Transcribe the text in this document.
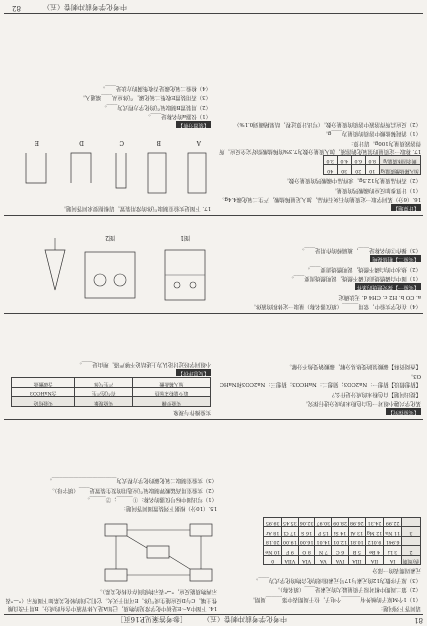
81
中考化学考前冲刺卷（五）
［参考答案见P.16页］
中考化学考前冲刺卷（五）
82

请回答下列问题：

（1）1个M原子的核外有_______个电子，位于周期表中第______周期。

（2）第二周期中相对原子质量最大的元素是____（填名称）。

（3）原子序数为12的元素与17号元素组成的化合物的化学式为____。

元素周期表的一部分

族/周期	IA	IIA	IIIA	IVA	VA	VIA	VIIA	0
2	3 Li	4 Be	5 B	6 C	7 N	8 O	9 F	10 Ne
	6.941	9.012	10.81	12.01	14.01	16.00	19.00	20.18
3	11 Na	12 Mg	13 Al	14 Si	15 P	16 S	17 Cl	18 Ar
	22.99	24.31	26.98	28.09	30.97	32.06	35.45	39.95

14. 下图中A～E是初中化学常见的物质，已知A是人体胃液中含有的成分，B用于改良酸性土壤，C与D反应能生成气体，E可用于灭火。它们之间的转化关系如下图所示（"—"表示两物质能反应，"→"表示物质间存在转化关系）。

15.（10分）根据下列装置图回答问题：

（1）写出图中标号仪器的名称：①______；②______。

（2）实验室用高锰酸钾制取氧气应选用的发生装置是____（填字母）。

（3）实验室制取二氧化碳的化学方程式为________________________。

【实验探究】

某化学兴趣小组对一包白色粉末的成分进行探究。

【提出问题】白色粉末的成分是什么？

【猜想假设】猜想一：Na2CO3；猜想二：NaHCO3；猜想三：Na2CO3和NaHCO3。

【查阅资料】碳酸氢钠受热易分解，碳酸钠受热不分解。

实验操作与现象

实验步骤	实验现象	实验结论
取少量粉末加热	有气泡产生	含NaHCO3
加入稀盐酸	产生气体	含碳酸盐
【反思评价】

小组同学经过讨论认为上述结论不够严谨，理由是____。

（4）在化学实验中，常用______（填仪器名称）量取一定体积的液体。

a. CO b. H2 c. CH4 d. 无法确定

【实验一】探究燃烧的条件

（1）图中白磷燃烧而红磷不燃烧，说明燃烧需要____。

（2）热水中的白磷不燃烧，说明燃烧需要____。

【实验二】粗盐提纯

（3）操作③的名称是____，玻璃棒的作用是____。

图1
图2
【计算题】

16.（6分）某同学取一定质量的石灰石样品，加入足量稀盐酸，产生二氧化碳4.4g。

（1）计算参加反应的碳酸钙的质量。

（2）若样品质量为12.5g，求样品中碳酸钙的质量分数。

加入稀盐酸质量/g	10	20	30	40
剩余固体质量/g	8.0	6.0	4.0	3.0

17. 称取一定质量的氢氧化钠溶液，加入质量分数为7.3%的稀盐酸恰好完全反应，所得溶液质量为100g。请计算：

（1）消耗稀盐酸中溶质的质量为____g。

（2）反应后所得溶液中溶质的质量分数。（写出计算过程，结果精确到0.1%）

17. 下图是实验室制取气体的常用装置，请根据要求回答问题。

A
B
C
D
E
【装置分析】

（1）仪器a的名称是____。

（2）用装置B制取氧气的化学方程式为____。

（3）若用装置E收集二氧化碳，气体应从____端通入。

（4）检验二氧化碳是否收集满的方法是____。
